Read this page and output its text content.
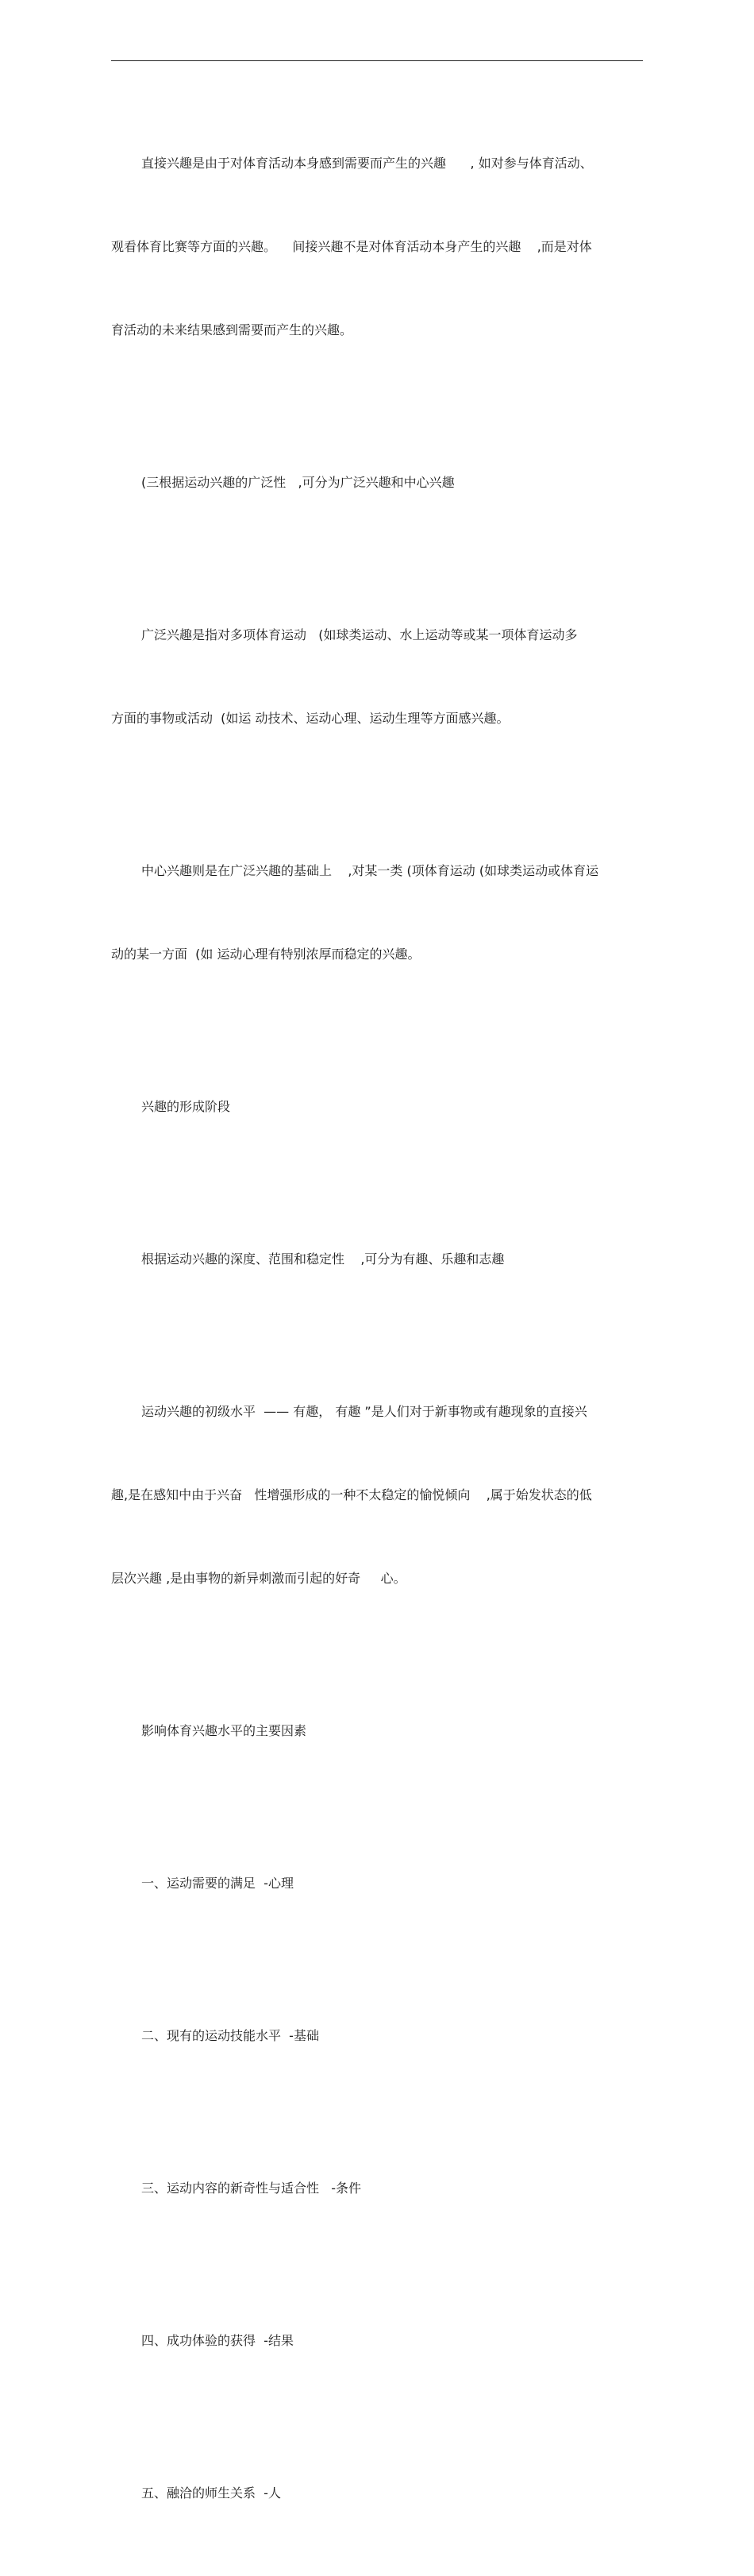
直接兴趣是由于对体育活动本身感到需要而产生的兴趣      , 如对参与体育活动、

观看体育比赛等方面的兴趣。    间接兴趣不是对体育活动本身产生的兴趣    ,而是对体

育活动的未来结果感到需要而产生的兴趣。

(三根据运动兴趣的广泛性   ,可分为广泛兴趣和中心兴趣

广泛兴趣是指对多项体育运动   (如球类运动、水上运动等或某一项体育运动多

方面的事物或活动  (如运 动技术、运动心理、运动生理等方面感兴趣。

中心兴趣则是在广泛兴趣的基础上    ,对某一类 (项体育运动 (如球类运动或体育运

动的某一方面  (如 运动心理有特别浓厚而稳定的兴趣。

兴趣的形成阶段

根据运动兴趣的深度、范围和稳定性    ,可分为有趣、乐趣和志趣

运动兴趣的初级水平  —— 有趣， 有趣 ”是人们对于新事物或有趣现象的直接兴

趣,是在感知中由于兴奋   性增强形成的一种不太稳定的愉悦倾向    ,属于始发状态的低

层次兴趣 ,是由事物的新异刺激而引起的好奇     心。

影响体育兴趣水平的主要因素

一、运动需要的满足  -心理

二、现有的运动技能水平  -基础

三、运动内容的新奇性与适合性   -条件

四、成功体验的获得  -结果

五、融洽的师生关系  -人
